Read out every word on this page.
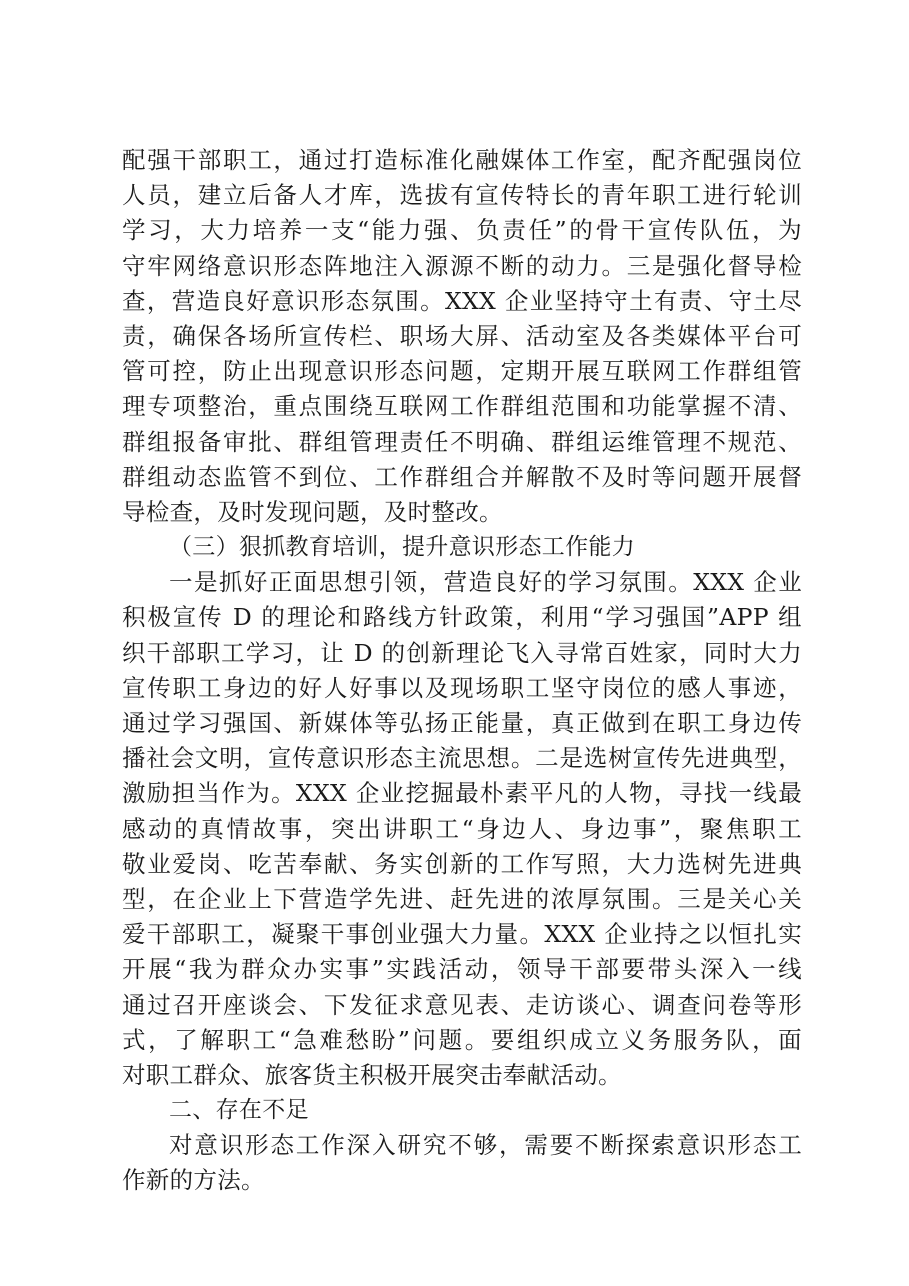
配强干部职工，通过打造标准化融媒体工作室，配齐配强岗位
人员，建立后备人才库，选拔有宣传特长的青年职工进行轮训
学习，大力培养一支“能力强、负责任”的骨干宣传队伍，为
守牢网络意识形态阵地注入源源不断的动力。三是强化督导检
查，营造良好意识形态氛围。XXX 企业坚持守土有责、守土尽
责，确保各场所宣传栏、职场大屏、活动室及各类媒体平台可
管可控，防止出现意识形态问题，定期开展互联网工作群组管
理专项整治，重点围绕互联网工作群组范围和功能掌握不清、
群组报备审批、群组管理责任不明确、群组运维管理不规范、
群组动态监管不到位、工作群组合并解散不及时等问题开展督
导检查，及时发现问题，及时整改。
（三）狠抓教育培训，提升意识形态工作能力
一是抓好正面思想引领，营造良好的学习氛围。XXX 企业
积极宣传 D 的理论和路线方针政策，利用“学习强国”APP 组
织干部职工学习，让 D 的创新理论飞入寻常百姓家，同时大力
宣传职工身边的好人好事以及现场职工坚守岗位的感人事迹，
通过学习强国、新媒体等弘扬正能量，真正做到在职工身边传
播社会文明，宣传意识形态主流思想。二是选树宣传先进典型，
激励担当作为。XXX 企业挖掘最朴素平凡的人物，寻找一线最
感动的真情故事，突出讲职工“身边人、身边事”，聚焦职工
敬业爱岗、吃苦奉献、务实创新的工作写照，大力选树先进典
型，在企业上下营造学先进、赶先进的浓厚氛围。三是关心关
爱干部职工，凝聚干事创业强大力量。XXX 企业持之以恒扎实
开展“我为群众办实事”实践活动，领导干部要带头深入一线
通过召开座谈会、下发征求意见表、走访谈心、调查问卷等形
式，了解职工“急难愁盼”问题。要组织成立义务服务队，面
对职工群众、旅客货主积极开展突击奉献活动。
二、存在不足
对意识形态工作深入研究不够，需要不断探索意识形态工
作新的方法。
